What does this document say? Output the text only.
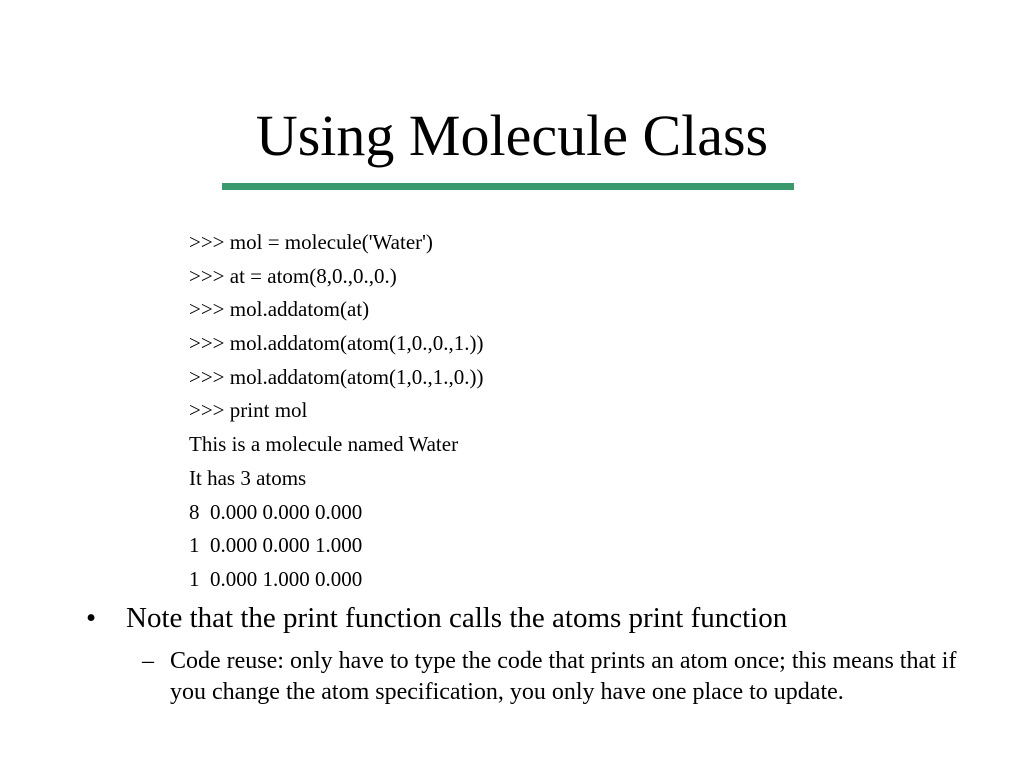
Using Molecule Class
>>> mol = molecule('Water')
>>> at = atom(8,0.,0.,0.)
>>> mol.addatom(at)
>>> mol.addatom(atom(1,0.,0.,1.))
>>> mol.addatom(atom(1,0.,1.,0.))
>>> print mol
This is a molecule named Water
It has 3 atoms
8  0.000 0.000 0.000
1  0.000 0.000 1.000
1  0.000 1.000 0.000
•	Note that the print function calls the atoms print function
– Code reuse: only have to type the code that prints an atom once; this means that if you change the atom specification, you only have one place to update.
